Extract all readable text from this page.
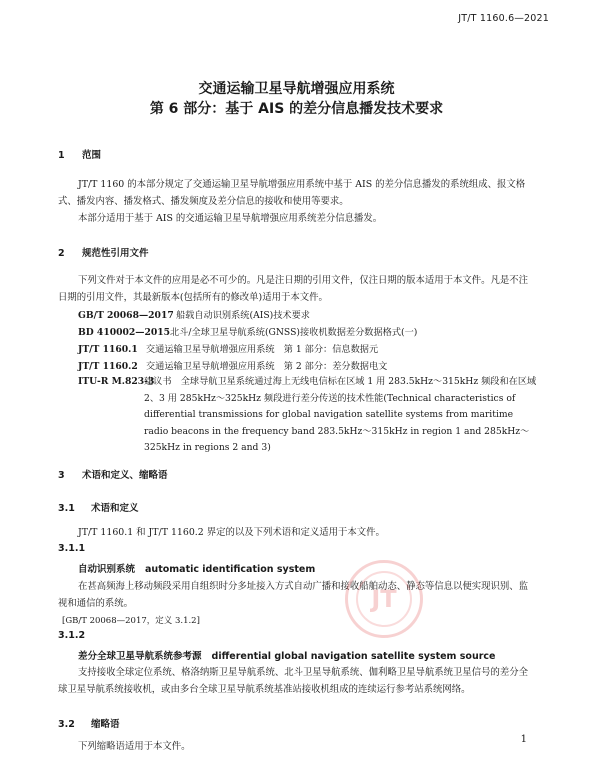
JT/T 1160.6—2021
交通运输卫星导航增强应用系统
第 6 部分：基于 AIS 的差分信息播发技术要求
1 范围
JT/T 1160 的本部分规定了交通运输卫星导航增强应用系统中基于 AIS 的差分信息播发的系统组成、报文格式、播发内容、播发格式、播发频度及差分信息的接收和使用等要求。
本部分适用于基于 AIS 的交通运输卫星导航增强应用系统差分信息播发。
2 规范性引用文件
下列文件对于本文件的应用是必不可少的。凡是注日期的引用文件，仅注日期的版本适用于本文件。凡是不注日期的引用文件，其最新版本(包括所有的修改单)适用于本文件。
GB/T 20068—2017 船载自动识别系统(AIS)技术要求
BD 410002—2015北斗/全球卫星导航系统(GNSS)接收机数据差分数据格式(一)
JT/T 1160.1 交通运输卫星导航增强应用系统　第 1 部分：信息数据元
JT/T 1160.2 交通运输卫星导航增强应用系统　第 2 部分：差分数据电文
ITU-R M.823-3
建议书　全球导航卫星系统通过海上无线电信标在区域 1 用 283.5kHz～315kHz 频段和在区域 2、3 用 285kHz～325kHz 频段进行差分传送的技术性能(Technical characteristics of differential transmissions for global navigation satellite systems from maritime radio beacons in the frequency band 283.5kHz～315kHz in region 1 and 285kHz～325kHz in regions 2 and 3)
3 术语和定义、缩略语
3.1 术语和定义
JT/T 1160.1 和 JT/T 1160.2 界定的以及下列术语和定义适用于本文件。
3.1.1
自动识别系统 automatic identification system
在甚高频海上移动频段采用自组织时分多址接入方式自动广播和接收船舶动态、静态等信息以便实现识别、监视和通信的系统。
[GB/T 20068—2017，定义 3.1.2]
3.1.2
差分全球卫星导航系统参考源 differential global navigation satellite system source
支持接收全球定位系统、格洛纳斯卫星导航系统、北斗卫星导航系统、伽利略卫星导航系统卫星信号的差分全球卫星导航系统接收机，或由多台全球卫星导航系统基准站接收机组成的连续运行参考站系统网络。
3.2 缩略语
下列缩略语适用于本文件。
JT
1
